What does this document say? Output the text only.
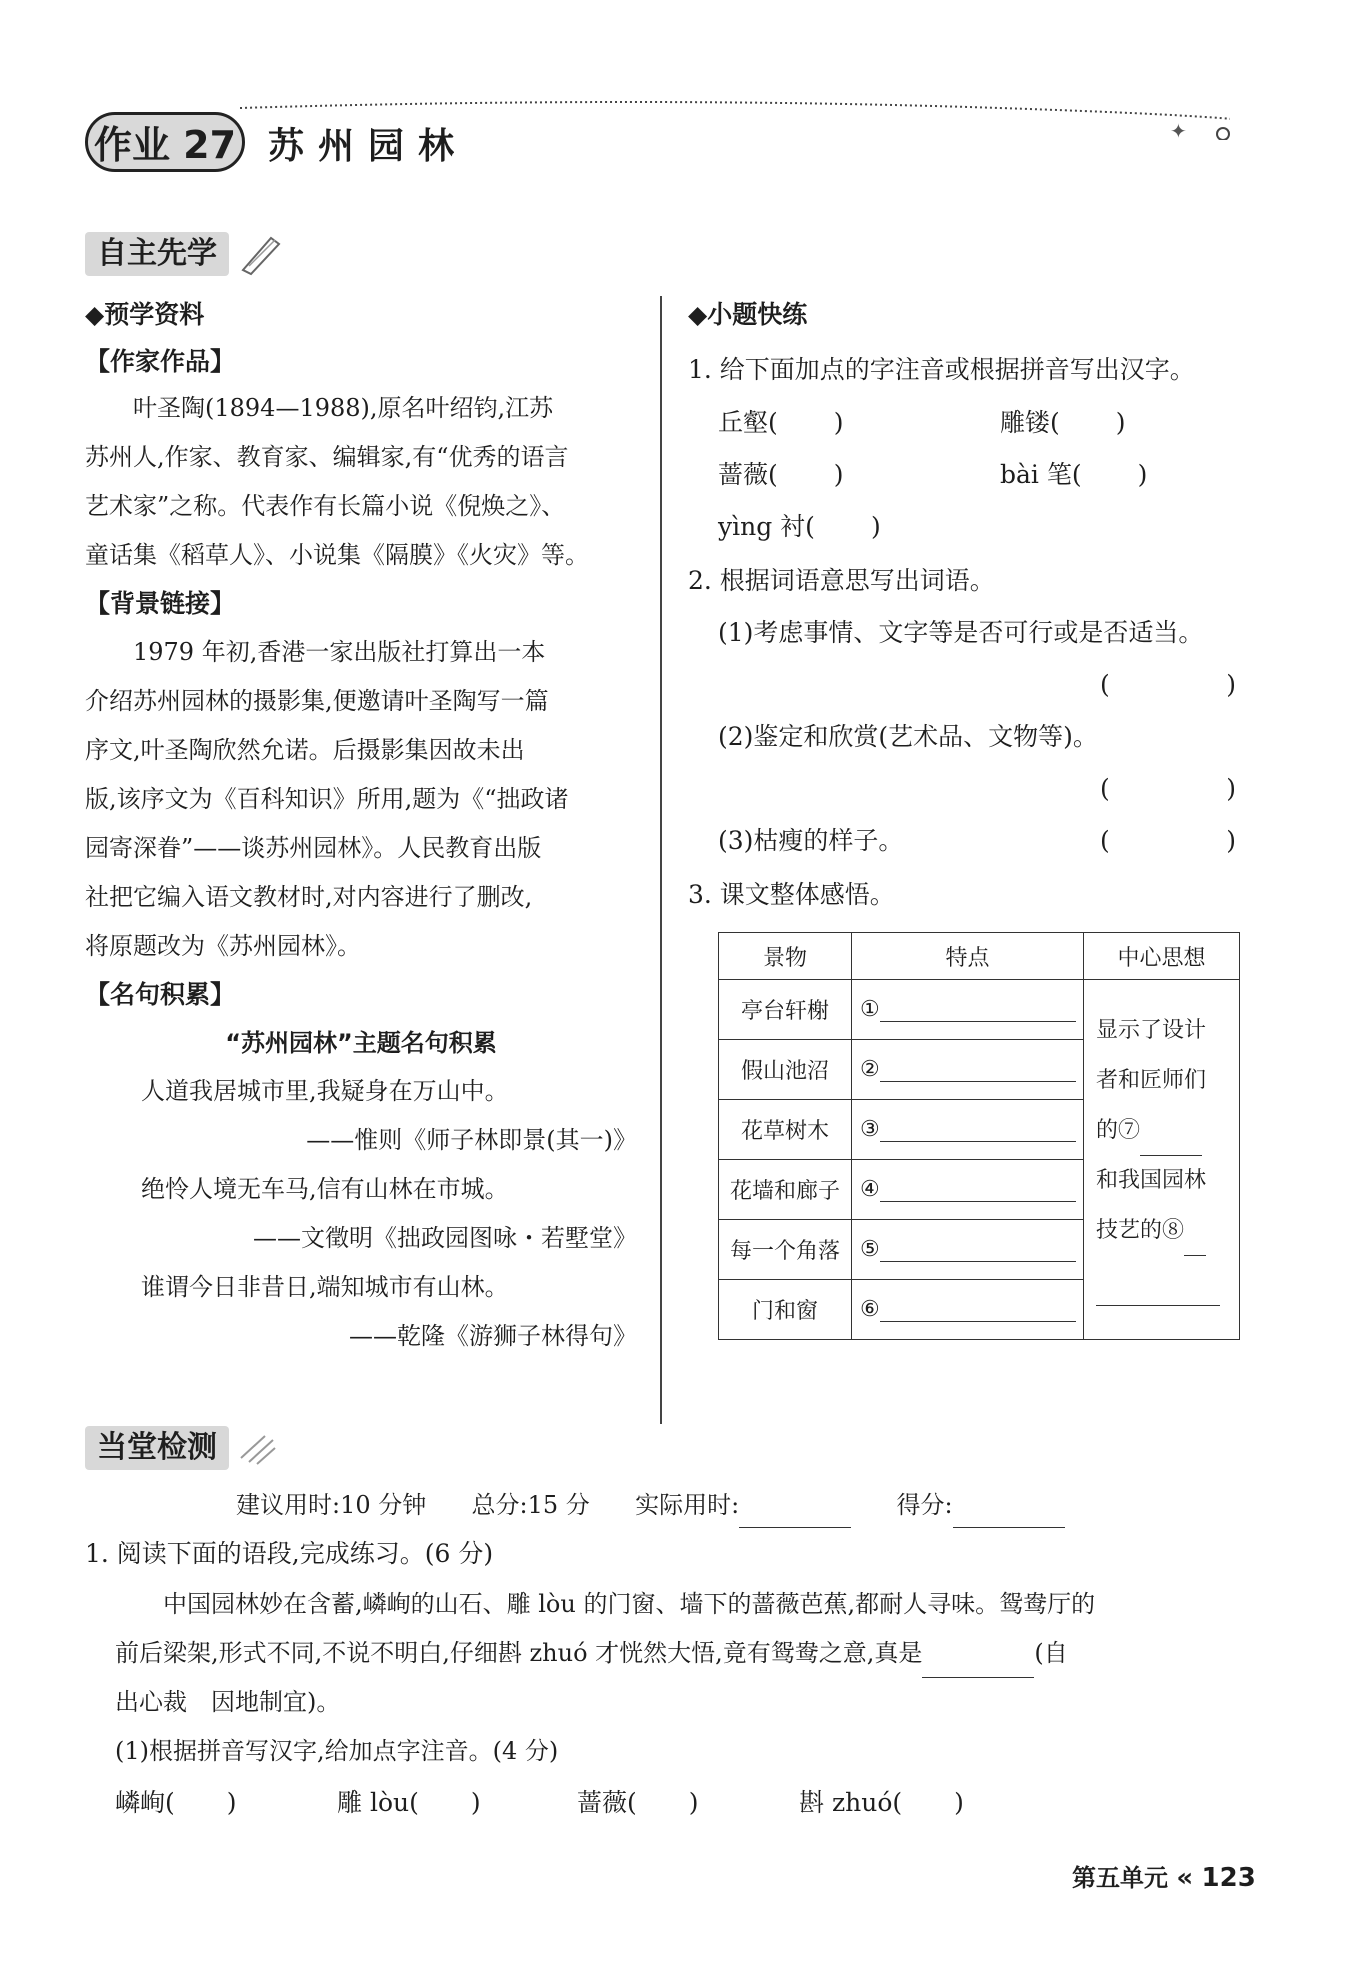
✦
作业 27 苏州园林
自主先学
◆预学资料
【作家作品】
叶圣陶(1894—1988),原名叶绍钧,江苏
苏州人,作家、教育家、编辑家,有“优秀的语言
艺术家”之称。代表作有长篇小说《倪焕之》、
童话集《稻草人》、小说集《隔膜》《火灾》等。
【背景链接】
1979 年初,香港一家出版社打算出一本
介绍苏州园林的摄影集,便邀请叶圣陶写一篇
序文,叶圣陶欣然允诺。后摄影集因故未出
版,该序文为《百科知识》所用,题为《“拙政诸
园寄深眷”——谈苏州园林》。人民教育出版
社把它编入语文教材时,对内容进行了删改,
将原题改为《苏州园林》。
【名句积累】
“苏州园林”主题名句积累
人道我居城市里,我疑身在万山中。
——惟则《师子林即景(其一)》
绝怜人境无车马,信有山林在市城。
——文徵明《拙政园图咏・若墅堂》
谁谓今日非昔日,端知城市有山林。
——乾隆《游狮子林得句》
◆小题快练
1. 给下面加点的字注音或根据拼音写出汉字。
丘壑( )	雕镂( )
蔷薇( )	bài 笔( )
yìng 衬( )
2. 根据词语意思写出词语。
(1)考虑事情、文字等是否可行或是否适当。
(	)
(2)鉴定和欣赏(艺术品、文物等)。
(	)
(3)枯瘦的样子。	(	)
3. 课文整体感悟。
景物	特点	中心思想
亭台轩榭	①	显示了设计
者和匠师们
的⑦
和我国园林
技艺的⑧

假山池沼	②	
花草树木	③	
花墙和廊子	④	
每一个角落	⑤	
门和窗	⑥	
当堂检测
建议用时:10 分钟 总分:15 分 实际用时:	得分:
1. 阅读下面的语段,完成练习。(6 分)
中国园林妙在含蓄,嶙峋的山石、雕 lòu 的门窗、墙下的蔷薇芭蕉,都耐人寻味。鸳鸯厅的
前后梁架,形式不同,不说不明白,仔细斟 zhuó 才恍然大悟,竟有鸳鸯之意,真是	(自
出心裁　因地制宜)。
(1)根据拼音写汉字,给加点字注音。(4 分)
嶙峋( )	雕 lòu( )	蔷薇( )	斟 zhuó( )
第五单元 « 123
